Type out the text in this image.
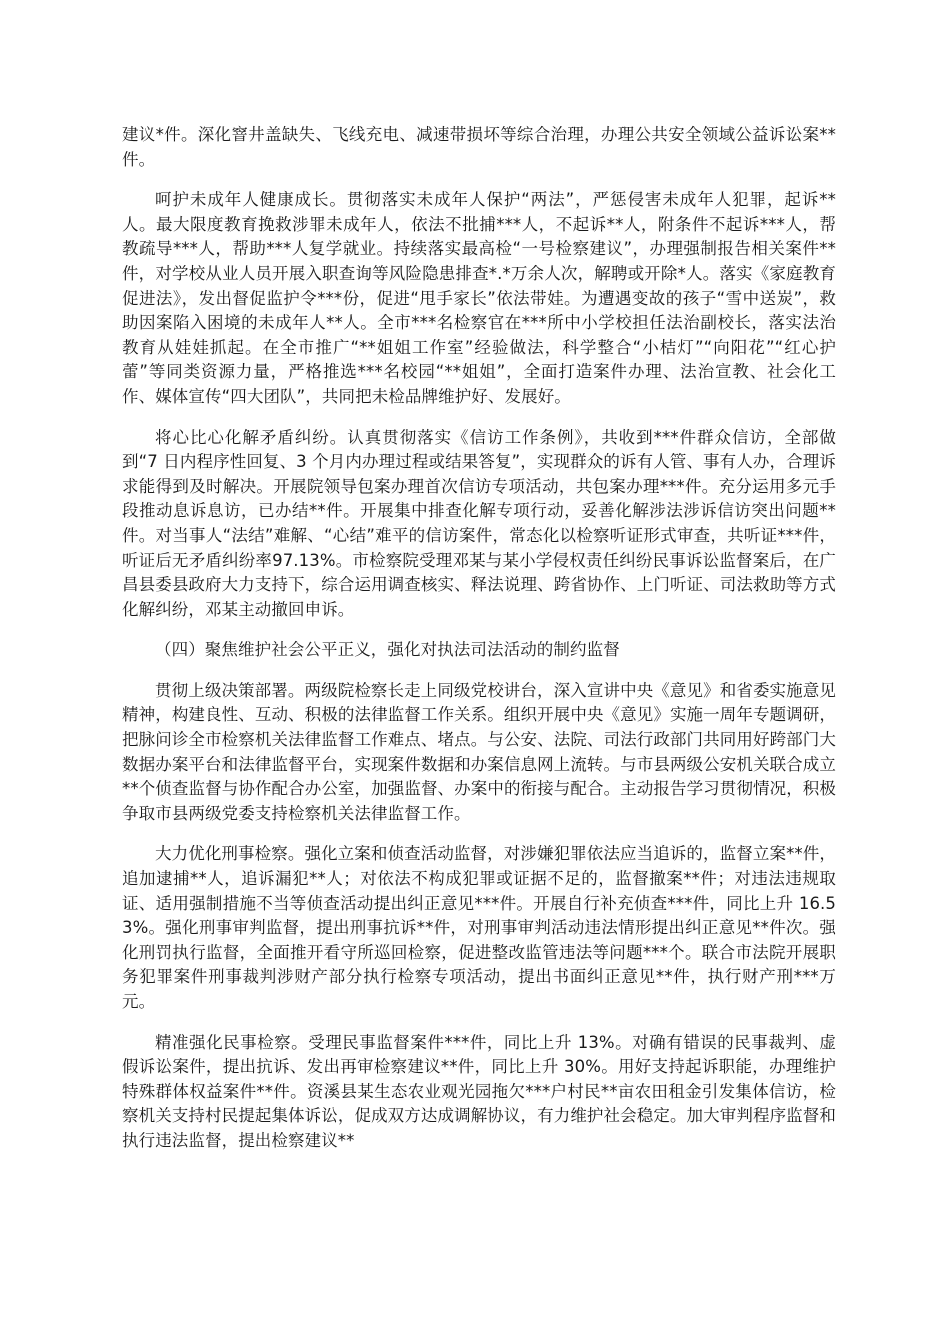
建议*件。深化窨井盖缺失、飞线充电、减速带损坏等综合治理，办理公共安全领域公益诉讼案**件。

呵护未成年人健康成长。贯彻落实未成年人保护“两法”，严惩侵害未成年人犯罪，起诉**人。最大限度教育挽救涉罪未成年人，依法不批捕***人，不起诉**人，附条件不起诉***人，帮教疏导***人，帮助***人复学就业。持续落实最高检“一号检察建议”，办理强制报告相关案件**件，对学校从业人员开展入职查询等风险隐患排查*.*万余人次，解聘或开除*人。落实《家庭教育促进法》，发出督促监护令***份，促进“甩手家长”依法带娃。为遭遇变故的孩子“雪中送炭”，救助因案陷入困境的未成年人**人。全市***名检察官在***所中小学校担任法治副校长，落实法治教育从娃娃抓起。在全市推广“**姐姐工作室”经验做法，科学整合“小桔灯”“向阳花”“红心护蕾”等同类资源力量，严格推选***名校园“**姐姐”，全面打造案件办理、法治宣教、社会化工作、媒体宣传“四大团队”，共同把未检品牌维护好、发展好。

将心比心化解矛盾纠纷。认真贯彻落实《信访工作条例》，共收到***件群众信访，全部做到“7 日内程序性回复、3 个月内办理过程或结果答复”，实现群众的诉有人管、事有人办，合理诉求能得到及时解决。开展院领导包案办理首次信访专项活动，共包案办理***件。充分运用多元手段推动息诉息访，已办结**件。开展集中排查化解专项行动，妥善化解涉法涉诉信访突出问题**件。对当事人“法结”难解、“心结”难平的信访案件，常态化以检察听证形式审查，共听证***件，听证后无矛盾纠纷率97.13%。市检察院受理邓某与某小学侵权责任纠纷民事诉讼监督案后，在广昌县委县政府大力支持下，综合运用调查核实、释法说理、跨省协作、上门听证、司法救助等方式化解纠纷，邓某主动撤回申诉。

（四）聚焦维护社会公平正义，强化对执法司法活动的制约监督

贯彻上级决策部署。两级院检察长走上同级党校讲台，深入宣讲中央《意见》和省委实施意见精神，构建良性、互动、积极的法律监督工作关系。组织开展中央《意见》实施一周年专题调研，把脉问诊全市检察机关法律监督工作难点、堵点。与公安、法院、司法行政部门共同用好跨部门大数据办案平台和法律监督平台，实现案件数据和办案信息网上流转。与市县两级公安机关联合成立**个侦查监督与协作配合办公室，加强监督、办案中的衔接与配合。主动报告学习贯彻情况，积极争取市县两级党委支持检察机关法律监督工作。

大力优化刑事检察。强化立案和侦查活动监督，对涉嫌犯罪依法应当追诉的，监督立案**件，追加逮捕**人，追诉漏犯**人；对依法不构成犯罪或证据不足的，监督撤案**件；对违法违规取证、适用强制措施不当等侦查活动提出纠正意见***件。开展自行补充侦查***件，同比上升 16.53%。强化刑事审判监督，提出刑事抗诉**件，对刑事审判活动违法情形提出纠正意见**件次。强化刑罚执行监督，全面推开看守所巡回检察，促进整改监管违法等问题***个。联合市法院开展职务犯罪案件刑事裁判涉财产部分执行检察专项活动，提出书面纠正意见**件，执行财产刑***万元。

精准强化民事检察。受理民事监督案件***件，同比上升 13%。对确有错误的民事裁判、虚假诉讼案件，提出抗诉、发出再审检察建议**件，同比上升 30%。用好支持起诉职能，办理维护特殊群体权益案件**件。资溪县某生态农业观光园拖欠***户村民**亩农田租金引发集体信访，检察机关支持村民提起集体诉讼，促成双方达成调解协议，有力维护社会稳定。加大审判程序监督和执行违法监督，提出检察建议**
